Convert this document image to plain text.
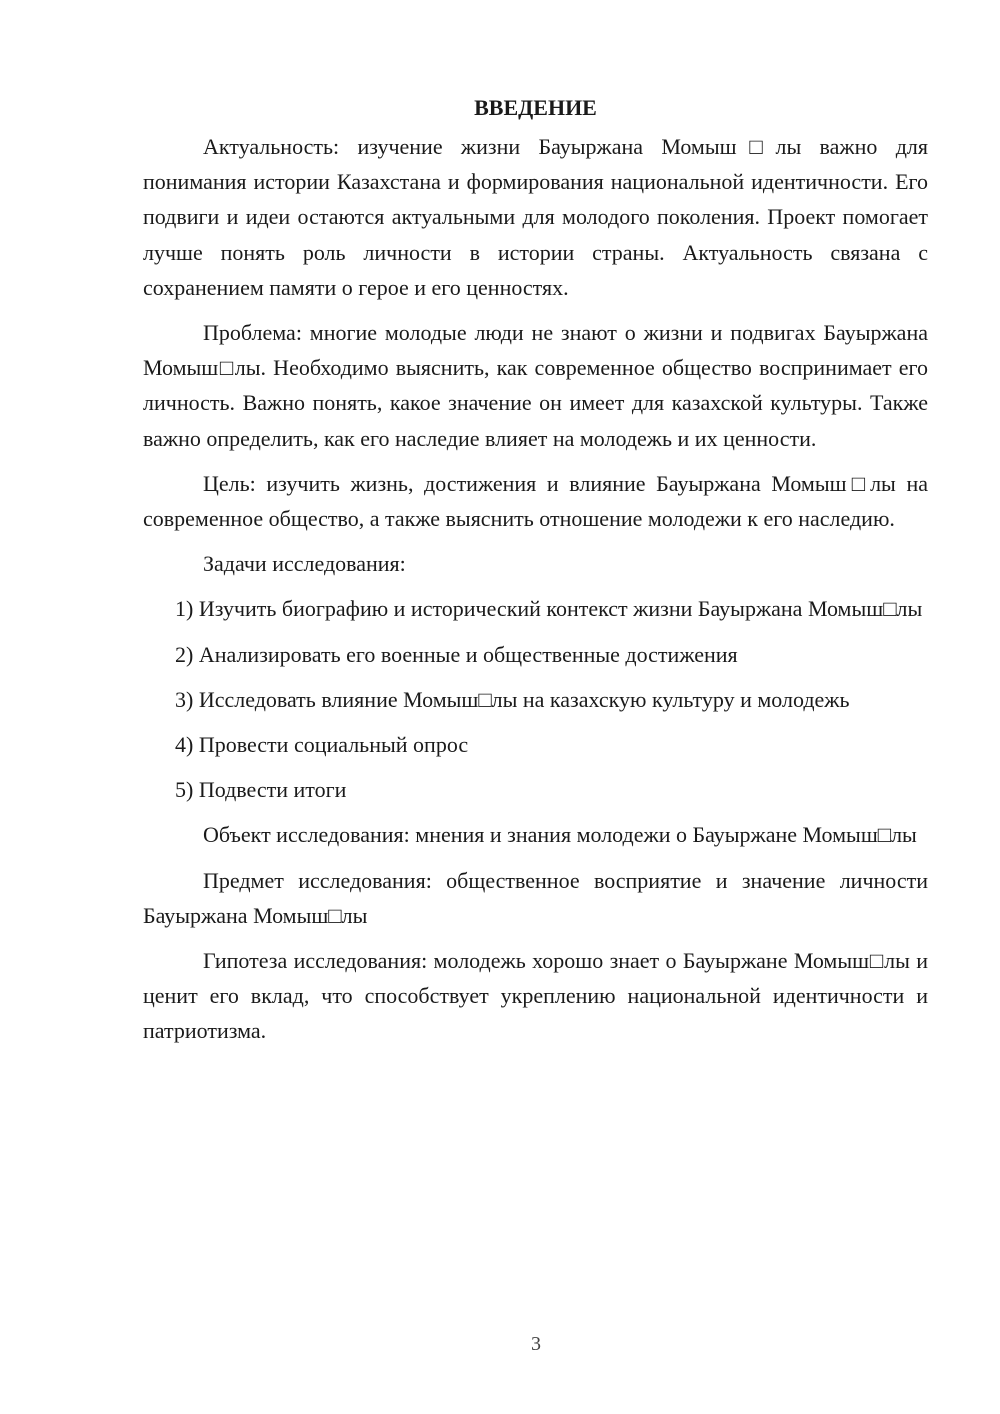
ВВЕДЕНИЕ

Актуальность: изучение жизни Бауыржана Момыш□лы важно для понимания истории Казахстана и формирования национальной идентичности. Его подвиги и идеи остаются актуальными для молодого поколения. Проект помогает лучше понять роль личности в истории страны. Актуальность связана с сохранением памяти о герое и его ценностях.

Проблема: многие молодые люди не знают о жизни и подвигах Бауыржана Момыш□лы. Необходимо выяснить, как современное общество воспринимает его личность. Важно понять, какое значение он имеет для казахской культуры. Также важно определить, как его наследие влияет на молодежь и их ценности.

Цель: изучить жизнь, достижения и влияние Бауыржана Момыш□лы на современное общество, а также выяснить отношение молодежи к его наследию.

Задачи исследования:

1) Изучить биографию и исторический контекст жизни Бауыржана Момыш□лы

2) Анализировать его военные и общественные достижения

3) Исследовать влияние Момыш□лы на казахскую культуру и молодежь

4) Провести социальный опрос

5) Подвести итоги

Объект исследования: мнения и знания молодежи о Бауыржане Момыш□лы

Предмет исследования: общественное восприятие и значение личности Бауыржана Момыш□лы

Гипотеза исследования: молодежь хорошо знает о Бауыржане Момыш□лы и ценит его вклад, что способствует укреплению национальной идентичности и патриотизма.

3
